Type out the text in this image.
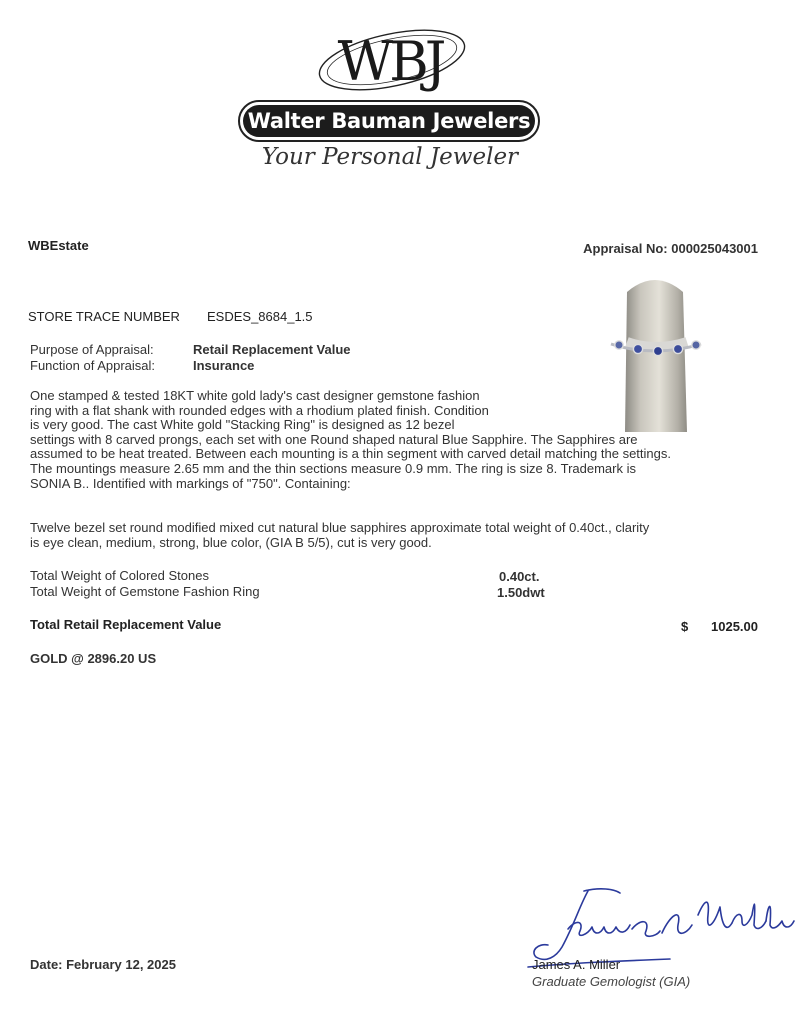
WBJ
Walter Bauman Jewelers
Your Personal Jeweler
WBEstate	Appraisal No: 000025043001
STORE TRACE NUMBER ESDES_8684_1.5
Purpose of Appraisal:	Retail Replacement Value
Function of Appraisal:	Insurance
One stamped & tested 18KT white gold lady's cast designer gemstone fashion
ring with a flat shank with rounded edges with a rhodium plated finish. Condition
is very good. The cast White gold "Stacking Ring" is designed as 12 bezel
settings with 8 carved prongs, each set with one Round shaped natural Blue Sapphire. The Sapphires are
assumed to be heat treated. Between each mounting is a thin segment with carved detail matching the settings.
The mountings measure 2.65 mm and the thin sections measure 0.9 mm. The ring is size 8. Trademark is
SONIA B.. Identified with markings of "750". Containing:
Twelve bezel set round modified mixed cut natural blue sapphires approximate total weight of 0.40ct., clarity
is eye clean, medium, strong, blue color, (GIA B 5/5), cut is very good.
Total Weight of Colored Stones	0.40ct.
Total Weight of Gemstone Fashion Ring	1.50dwt
Total Retail Replacement Value	$ 1025.00
GOLD @ 2896.20 US
Date: February 12, 2025	James A. Miller
Graduate Gemologist (GIA)
